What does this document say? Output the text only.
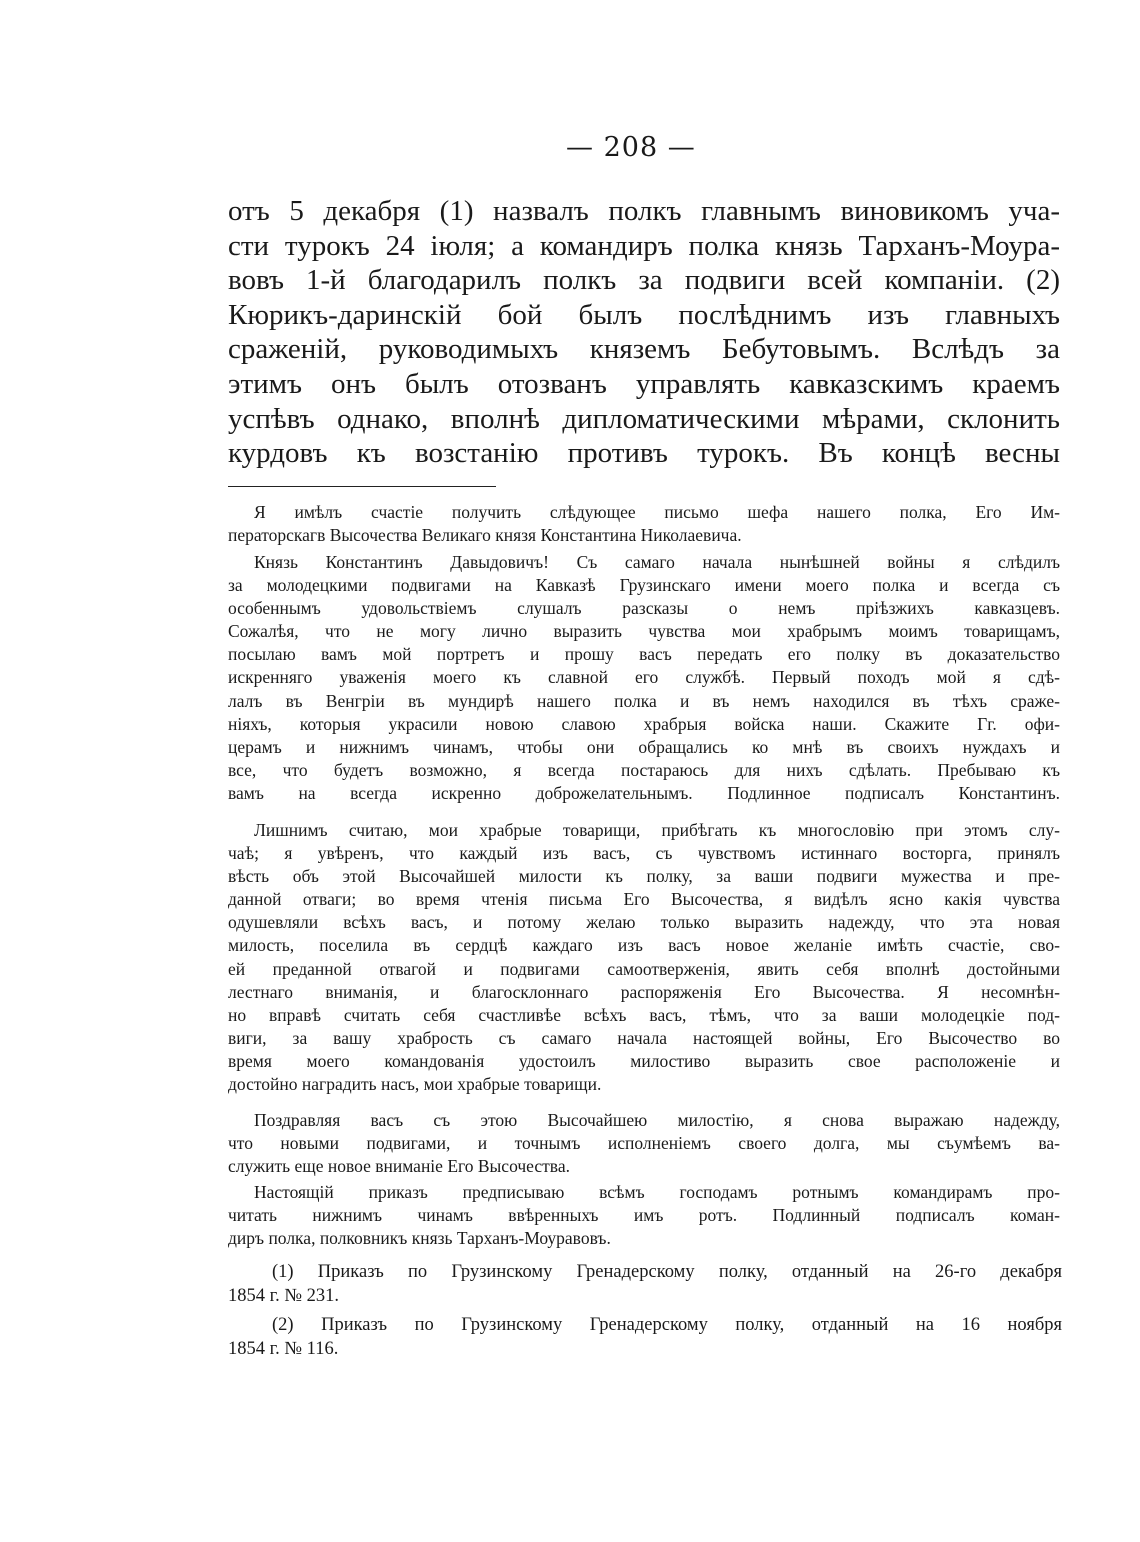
— 208 —
отъ 5 декабря (1) назвалъ полкъ главнымъ виновикомъ уча-
сти турокъ 24 іюля; а командиръ полка князь Тарханъ-Моура-
вовъ 1-й благодарилъ полкъ за подвиги всей компаніи. (2)
Кюрикъ-даринскій бой былъ послѣднимъ изъ главныхъ
сраженій, руководимыхъ княземъ Бебутовымъ. Вслѣдъ за
этимъ онъ былъ отозванъ управлять кавказскимъ краемъ
успѣвъ однако, вполнѣ дипломатическими мѣрами, склонить
курдовъ къ возстанію противъ турокъ. Въ концѣ весны
Я имѣлъ счастіе получить слѣдующее письмо шефа нашего полка, Его Им-
ператорскагв Высочества Великаго князя Константина Николаевича.
Князь Константинъ Давыдовичъ! Съ самаго начала нынѣшней войны я слѣдилъ
за молодецкими подвигами на Кавказѣ Грузинскаго имени моего полка и всегда съ
особеннымъ удовольствіемъ слушалъ разсказы о немъ пріѣзжихъ кавказцевъ.
Сожалѣя, что не могу лично выразить чувства мои храбрымъ моимъ товарищамъ,
посылаю вамъ мой портретъ и прошу васъ передать его полку въ доказательство
искренняго уваженія моего къ славной его службѣ. Первый походъ мой я сдѣ-
лалъ въ Венгріи въ мундирѣ нашего полка и въ немъ находился въ тѣхъ сраже-
ніяхъ, которыя украсили новою славою храбрыя войска наши. Скажите Гг. офи-
церамъ и нижнимъ чинамъ, чтобы они обращались ко мнѣ въ своихъ нуждахъ и
все, что будетъ возможно, я всегда постараюсь для нихъ сдѣлать. Пребываю къ
вамъ на всегда искренно доброжелательнымъ. Подлинное подписалъ Константинъ.
Лишнимъ считаю, мои храбрые товарищи, прибѣгать къ многословію при этомъ слу-
чаѣ; я увѣренъ, что каждый изъ васъ, съ чувствомъ истиннаго восторга, принялъ
вѣсть объ этой Высочайшей милости къ полку, за ваши подвиги мужества и пре-
данной отваги; во время чтенія письма Его Высочества, я видѣлъ ясно какія чувства
одушевляли всѣхъ васъ, и потому желаю только выразить надежду, что эта новая
милость, поселила въ сердцѣ каждаго изъ васъ новое желаніе имѣть счастіе, сво-
ей преданной отвагой и подвигами самоотверженія, явить себя вполнѣ достойными
лестнаго вниманія, и благосклоннаго распоряженія Его Высочества. Я несомнѣн-
но вправѣ считать себя счастливѣе всѣхъ васъ, тѣмъ, что за ваши молодецкіе под-
виги, за вашу храбрость съ самаго начала настоящей войны, Его Высочество во
время моего командованія удостоилъ милостиво выразить свое расположеніе и
достойно наградить насъ, мои храбрые товарищи.
Поздравляя васъ съ этою Высочайшею милостію, я снова выражаю надежду,
что новыми подвигами, и точнымъ исполненіемъ своего долга, мы съумѣемъ ва-
служить еще новое вниманіе Его Высочества.
Настоящій приказъ предписываю всѣмъ господамъ ротнымъ командирамъ про-
читать нижнимъ чинамъ ввѣренныхъ имъ ротъ. Подлинный подписалъ коман-
диръ полка, полковникъ князь Тарханъ-Моуравовъ.
(1) Приказъ по Грузинскому Гренадерскому полку, отданный на 26-го декабря
1854 г. № 231.
(2) Приказъ по Грузинскому Гренадерскому полку, отданный на 16 ноября
1854 г. № 116.
